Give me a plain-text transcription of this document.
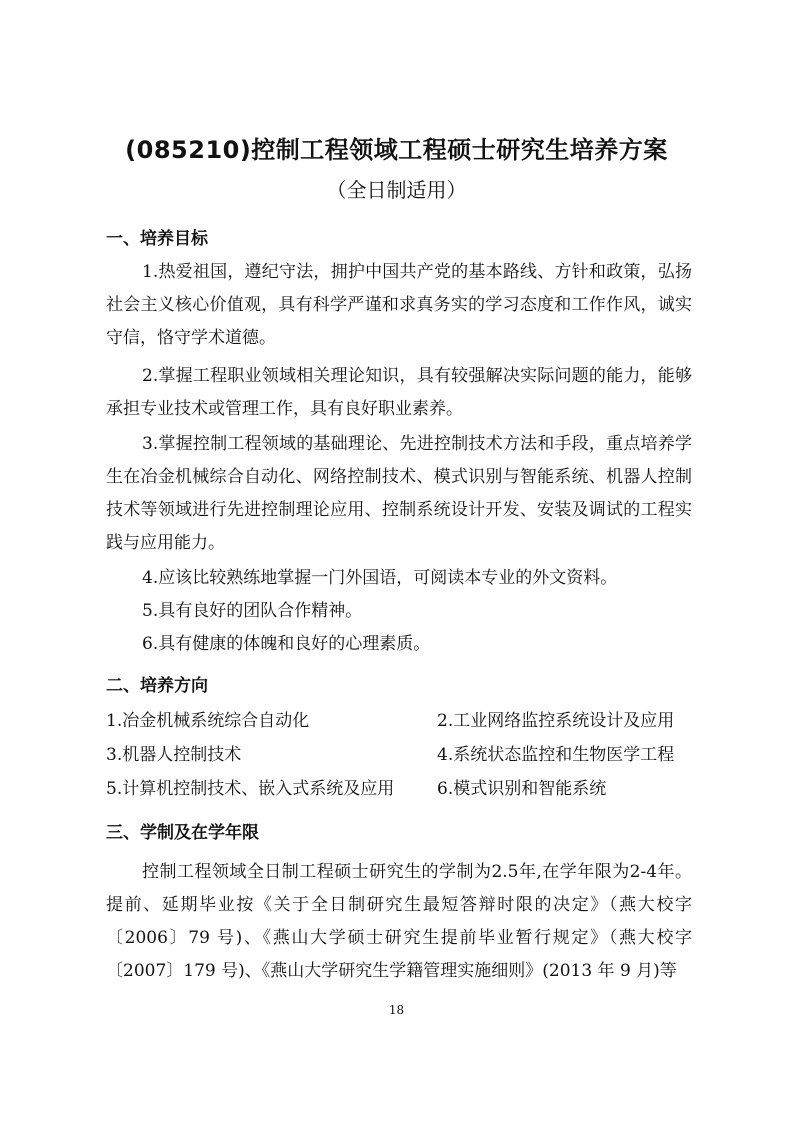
(085210)控制工程领域工程硕士研究生培养方案
（全日制适用）
一、培养目标

1.热爱祖国，遵纪守法，拥护中国共产党的基本路线、方针和政策，弘扬社会主义核心价值观，具有科学严谨和求真务实的学习态度和工作作风，诚实守信，恪守学术道德。

2.掌握工程职业领域相关理论知识，具有较强解决实际问题的能力，能够承担专业技术或管理工作，具有良好职业素养。

3.掌握控制工程领域的基础理论、先进控制技术方法和手段，重点培养学生在冶金机械综合自动化、网络控制技术、模式识别与智能系统、机器人控制技术等领域进行先进控制理论应用、控制系统设计开发、安装及调试的工程实践与应用能力。

4.应该比较熟练地掌握一门外国语，可阅读本专业的外文资料。

5.具有良好的团队合作精神。

6.具有健康的体魄和良好的心理素质。

二、培养方向
1.冶金机械系统综合自动化	2.工业网络监控系统设计及应用
3.机器人控制技术	4.系统状态监控和生物医学工程
5.计算机控制技术、嵌入式系统及应用	6.模式识别和智能系统
三、学制及在学年限

控制工程领域全日制工程硕士研究生的学制为2.5年,在学年限为2-4年。提前、延期毕业按《关于全日制研究生最短答辩时限的决定》（燕大校字〔2006〕79 号)、《燕山大学硕士研究生提前毕业暂行规定》（燕大校字〔2007〕179 号)、《燕山大学研究生学籍管理实施细则》(2013 年 9 月)等

18
